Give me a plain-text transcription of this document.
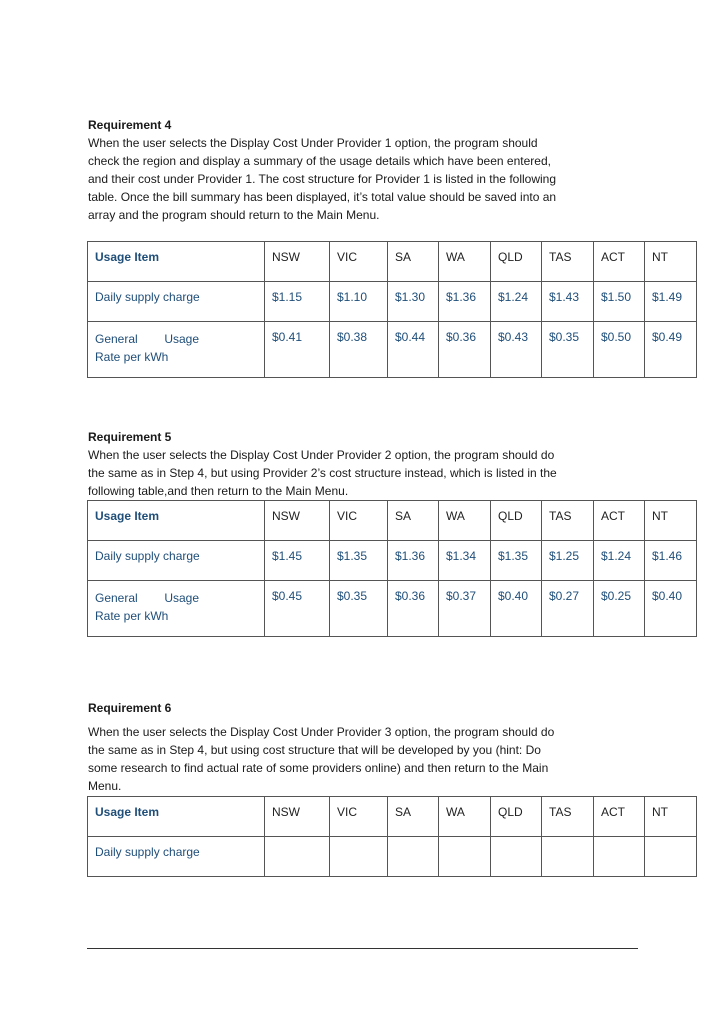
Requirement 4
When the user selects the Display Cost Under Provider 1 option, the program should
check the region and display a summary of the usage details which have been entered,
and their cost under Provider 1. The cost structure for Provider 1 is listed in the following
table. Once the bill summary has been displayed, it’s total value should be saved into an
array and the program should return to the Main Menu.
Usage Item	NSW	VIC	SA	WA	QLD	TAS	ACT	NT
Daily supply charge	$1.15	$1.10	$1.30	$1.36	$1.24	$1.43	$1.50	$1.49

General Usage
Rate per kWh	$0.41	$0.38	$0.44	$0.36	$0.43	$0.35	$0.50	$0.49
Requirement 5
When the user selects the Display Cost Under Provider 2 option, the program should do
the same as in Step 4, but using Provider 2’s cost structure instead, which is listed in the
following table,and then return to the Main Menu.
Usage Item	NSW	VIC	SA	WA	QLD	TAS	ACT	NT
Daily supply charge	$1.45	$1.35	$1.36	$1.34	$1.35	$1.25	$1.24	$1.46

General Usage
Rate per kWh	$0.45	$0.35	$0.36	$0.37	$0.40	$0.27	$0.25	$0.40
Requirement 6
When the user selects the Display Cost Under Provider 3 option, the program should do
the same as in Step 4, but using cost structure that will be developed by you (hint: Do
some research to find actual rate of some providers online) and then return to the Main
Menu.
Usage Item	NSW	VIC	SA	WA	QLD	TAS	ACT	NT
Daily supply charge								
